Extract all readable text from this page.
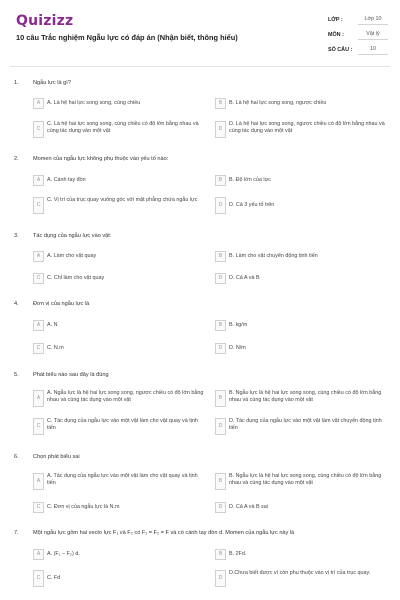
Quizizz
10 câu Trắc nghiệm Ngẫu lực có đáp án (Nhận biết, thông hiểu)
LỚP :	Lớp 10
MÔN :	Vật lý
SỐ CÂU :	10
1.	Ngẫu lực là gì?
A	A. Là hệ hai lực song song, cùng chiều	B	B. Là hệ hai lực song song, ngược chiều
C
C. Là hệ hai lực song song, cùng chiều có độ lớn bằng nhau và cùng tác dụng vào một vật	D
D. Là hệ hai lực song song, ngược chiều có độ lớn bằng nhau và cùng tác dụng vào một vật
2.	Momen của ngẫu lực không phụ thuộc vào yếu tố nào:
A	A. Cánh tay đòn	B	B. Độ lớn của lực
C
C. Vị trí của trục quay vuông góc với mặt phẳng chứa ngẫu lực
D	D. Cả 3 yếu tố trên
3.	Tác dụng của ngẫu lực vào vật:
A	A. Làm cho vật quay	B	B. Làm cho vật chuyển động tịnh tiến
C	C. Chỉ làm cho vật quay	D	D. Cả A và B
4.	Đơn vị của ngẫu lực là
A	A. N	B	B. kg/m
C	C. N.m	D	D. N/m
5.	Phát biểu nào sau đây là đúng
A
A. Ngẫu lực là hệ hai lực song song, ngược chiều có độ lớn bằng nhau và cùng tác dụng vào một vật	B
B. Ngẫu lực là hệ hai lực song song, cùng chiều có độ lớn bằng nhau và cùng tác dụng vào một vật
C
C. Tác dụng của ngẫu lực vào một vật làm cho vật quay và tịnh tiến	D
D. Tác dụng của ngẫu lực vào một vật làm vật chuyển động tịnh tiến
6.	Chọn phát biểu sai
A
A. Tác dụng của ngẫu lực vào một vật làm cho vật quay và tịnh tiến	B
B. Ngẫu lực là hệ hai lực song song, cùng chiều có độ lớn bằng nhau và cùng tác dụng vào một vật
C	C. Đơn vị của ngẫu lực là N.m	D	D. Cả A và B sai
7.	Một ngẫu lực gồm hai vecto lực F₁ và F₂ có F₁ = F₂ = F và có cánh tay đòn d. Momen của ngẫu lực này là
A	A. (F₁ − F₂) d.	B	B. 2Fd.
C	C. Fd	D
D.Chưa biết được vì còn phụ thuộc vào vị trí của trục quay.
